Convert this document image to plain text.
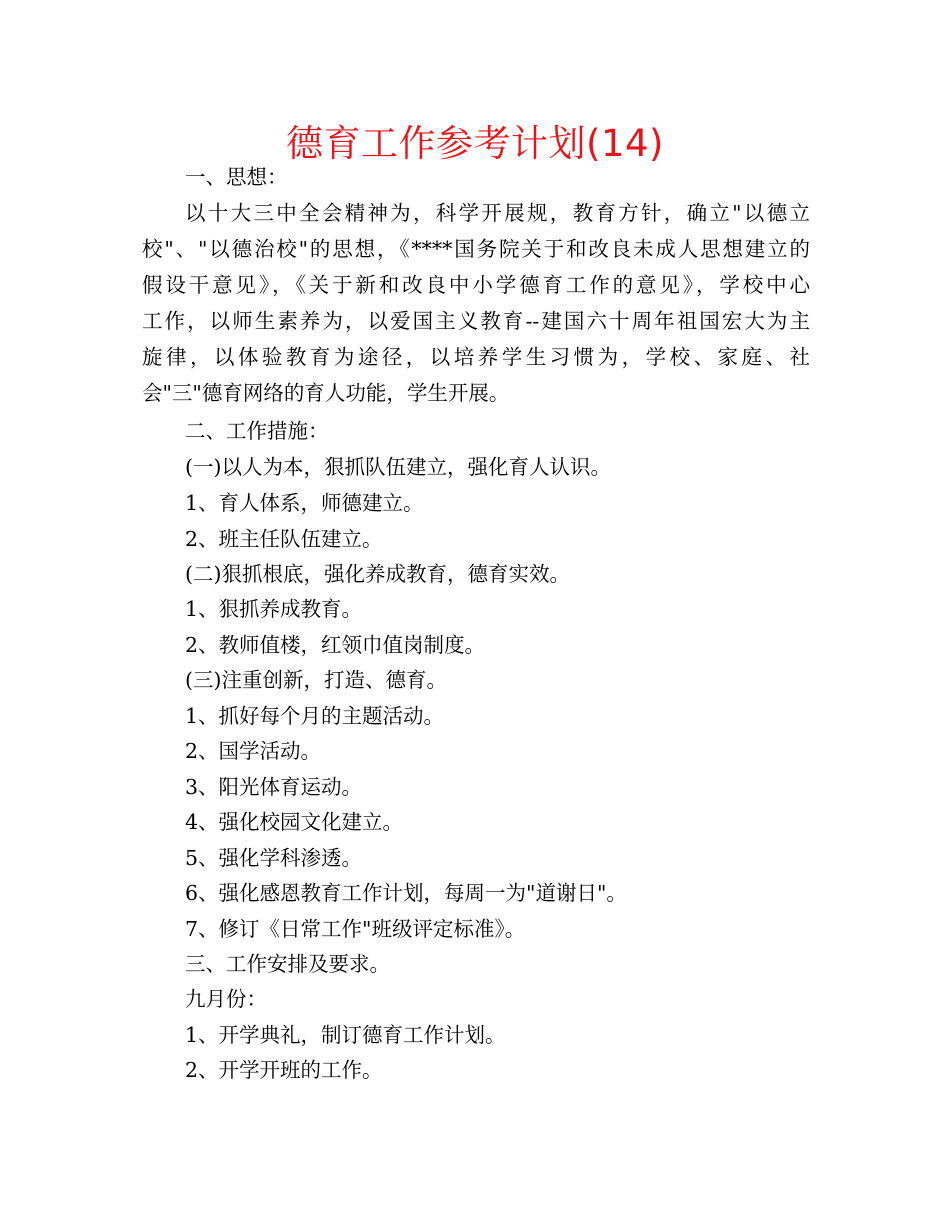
德育工作参考计划(14)
一、思想：
以十大三中全会精神为，科学开展规，教育方针，确立"以德立
校"、"以德治校"的思想，《****国务院关于和改良未成人思想建立的
假设干意见》，《关于新和改良中小学德育工作的意见》，学校中心
工作，以师生素养为，以爱国主义教育--建国六十周年祖国宏大为主
旋律，以体验教育为途径，以培养学生习惯为，学校、家庭、社
会"三"德育网络的育人功能，学生开展。
二、工作措施：
(一)以人为本，狠抓队伍建立，强化育人认识。
1、育人体系，师德建立。
2、班主任队伍建立。
(二)狠抓根底，强化养成教育，德育实效。
1、狠抓养成教育。
2、教师值楼，红领巾值岗制度。
(三)注重创新，打造、德育。
1、抓好每个月的主题活动。
2、国学活动。
3、阳光体育运动。
4、强化校园文化建立。
5、强化学科渗透。
6、强化感恩教育工作计划，每周一为"道谢日"。
7、修订《日常工作"班级评定标准》。
三、工作安排及要求。
九月份：
1、开学典礼，制订德育工作计划。
2、开学开班的工作。
